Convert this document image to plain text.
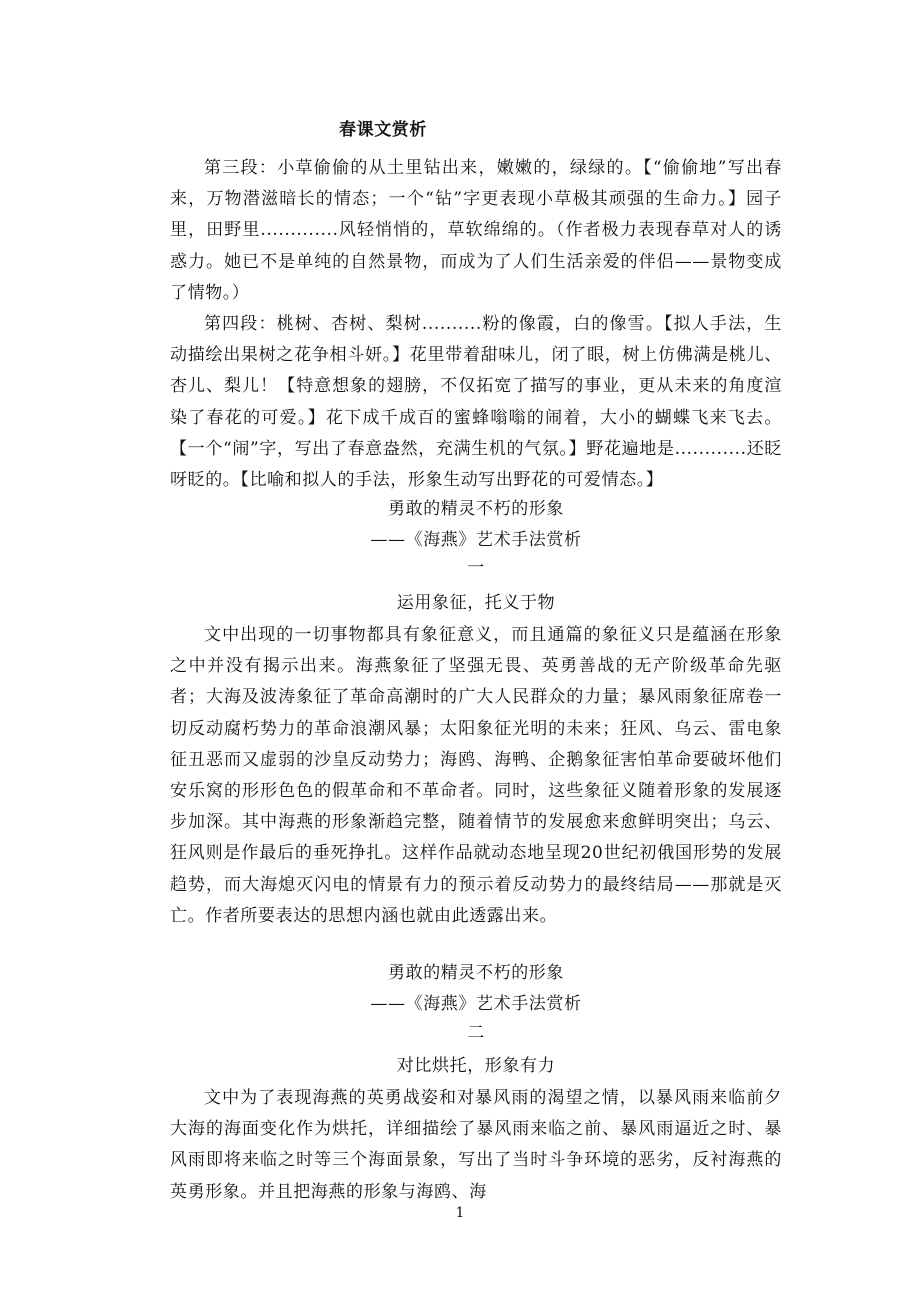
春课文赏析

第三段：小草偷偷的从土里钻出来，嫩嫩的，绿绿的。【“偷偷地”写出春来，万物潜滋暗长的情态；一个“钻”字更表现小草极其顽强的生命力。】园子里，田野里.............风轻悄悄的，草软绵绵的。（作者极力表现春草对人的诱惑力。她已不是单纯的自然景物，而成为了人们生活亲爱的伴侣——景物变成了情物。）

第四段：桃树、杏树、梨树..........粉的像霞，白的像雪。【拟人手法，生动描绘出果树之花争相斗妍。】花里带着甜味儿，闭了眼，树上仿佛满是桃儿、杏儿、梨儿！【特意想象的翅膀，不仅拓宽了描写的事业，更从未来的角度渲染了春花的可爱。】花下成千成百的蜜蜂嗡嗡的闹着，大小的蝴蝶飞来飞去。【一个“闹”字，写出了春意盎然，充满生机的气氛。】野花遍地是............还眨呀眨的。【比喻和拟人的手法，形象生动写出野花的可爱情态。】

勇敢的精灵不朽的形象
——《海燕》艺术手法赏析
一
运用象征，托义于物

文中出现的一切事物都具有象征意义，而且通篇的象征义只是蕴涵在形象之中并没有揭示出来。海燕象征了坚强无畏、英勇善战的无产阶级革命先驱者；大海及波涛象征了革命高潮时的广大人民群众的力量；暴风雨象征席卷一切反动腐朽势力的革命浪潮风暴；太阳象征光明的未来；狂风、乌云、雷电象征丑恶而又虚弱的沙皇反动势力；海鸥、海鸭、企鹅象征害怕革命要破坏他们安乐窝的形形色色的假革命和不革命者。同时，这些象征义随着形象的发展逐步加深。其中海燕的形象渐趋完整，随着情节的发展愈来愈鲜明突出；乌云、狂风则是作最后的垂死挣扎。这样作品就动态地呈现20世纪初俄国形势的发展趋势，而大海熄灭闪电的情景有力的预示着反动势力的最终结局——那就是灭亡。作者所要表达的思想内涵也就由此透露出来。

勇敢的精灵不朽的形象
——《海燕》艺术手法赏析
二
对比烘托，形象有力

文中为了表现海燕的英勇战姿和对暴风雨的渴望之情，以暴风雨来临前夕大海的海面变化作为烘托，详细描绘了暴风雨来临之前、暴风雨逼近之时、暴风雨即将来临之时等三个海面景象，写出了当时斗争环境的恶劣，反衬海燕的英勇形象。并且把海燕的形象与海鸥、海

1
